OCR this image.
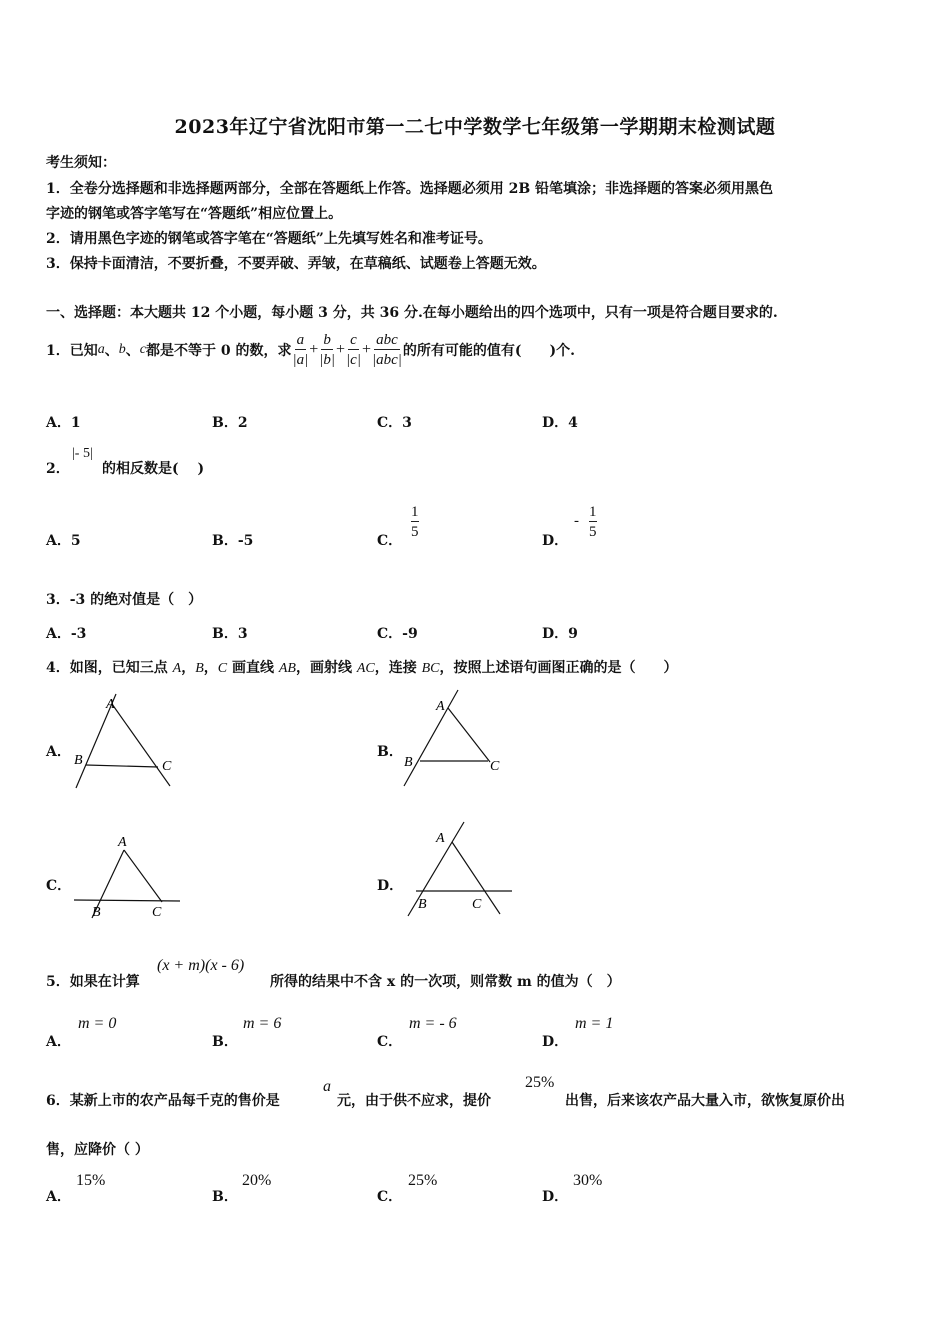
2023年辽宁省沈阳市第一二七中学数学七年级第一学期期末检测试题
考生须知：
1．全卷分选择题和非选择题两部分，全部在答题纸上作答。选择题必须用 2B 铅笔填涂；非选择题的答案必须用黑色
字迹的钢笔或答字笔写在“答题纸”相应位置上。
2．请用黑色字迹的钢笔或答字笔在“答题纸”上先填写姓名和准考证号。
3．保持卡面清洁，不要折叠，不要弄破、弄皱，在草稿纸、试题卷上答题无效。
一、选择题：本大题共 12 个小题，每小题 3 分，共 36 分.在每小题给出的四个选项中，只有一项是符合题目要求的.
1．已知 a 、 b 、 c 都是不等于 0 的数，求 $\frac{a}{|a|} + \frac{b}{|b|} + \frac{c}{|c|} + \frac{\text{abc}}{\text{|abc|}}$ 的所有可能的值有(　　)个.
A．1	B．2	C．3	D．4
2．
|- 5|
的相反数是(　 )
A．5	B．-5	C．
$\frac{1}{5}$
D．
- $\frac{1}{5}$
3．-3 的绝对值是（　）
A．-3	B．3	C．-9	D．9
4．如图，已知三点 A，B，C 画直线 AB，画射线 AC，连接 BC，按照上述语句画图正确的是（　　）
A．
A
B	C
B．
A
B	C
C．
A
B	C
D．
A
B	C
5．如果在计算
(x + m)(x - 6)
所得的结果中不含 x 的一次项，则常数 m 的值为（　）
A．
m = 0
B．
m = 6
C．
m = - 6
D．
m = 1
6．某新上市的农产品每千克的售价是
a
元，由于供不应求，提价
25%
出售，后来该农产品大量入市，欲恢复原价出
售，应降价（ ）
A．
15%
B．
20%
C．
25%
D．
30%
